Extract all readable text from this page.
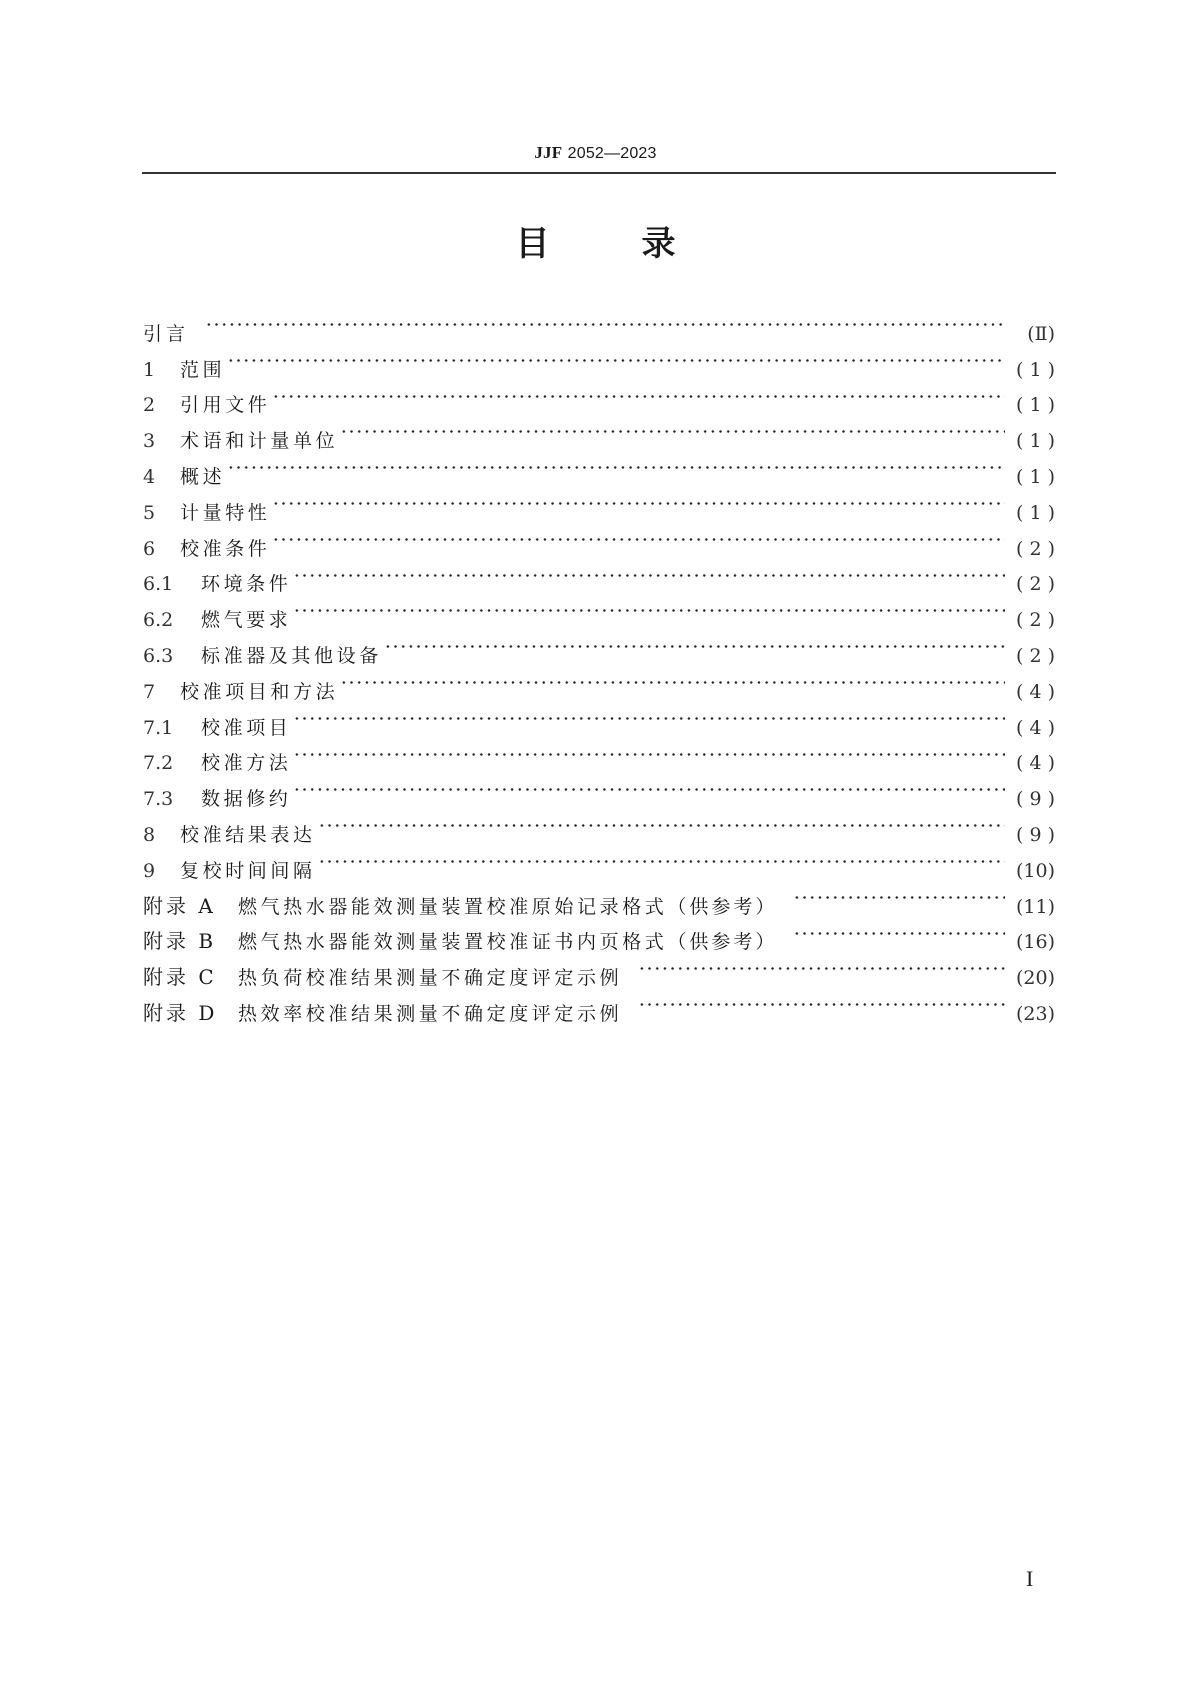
JJF 2052—2023
目	录
引言	(Ⅱ)
1	范围	( 1 )
2	引用文件	( 1 )
3	术语和计量单位	( 1 )
4	概述	( 1 )
5	计量特性	( 1 )
6	校准条件	( 2 )
6.1	环境条件	( 2 )
6.2	燃气要求	( 2 )
6.3	标准器及其他设备	( 2 )
7	校准项目和方法	( 4 )
7.1	校准项目	( 4 )
7.2	校准方法	( 4 )
7.3	数据修约	( 9 )
8	校准结果表达	( 9 )
9	复校时间间隔	(10)
附录 A	燃气热水器能效测量装置校准原始记录格式（供参考）	(11)
附录 B	燃气热水器能效测量装置校准证书内页格式（供参考）	(16)
附录 C	热负荷校准结果测量不确定度评定示例	(20)
附录 D	热效率校准结果测量不确定度评定示例	(23)
I
